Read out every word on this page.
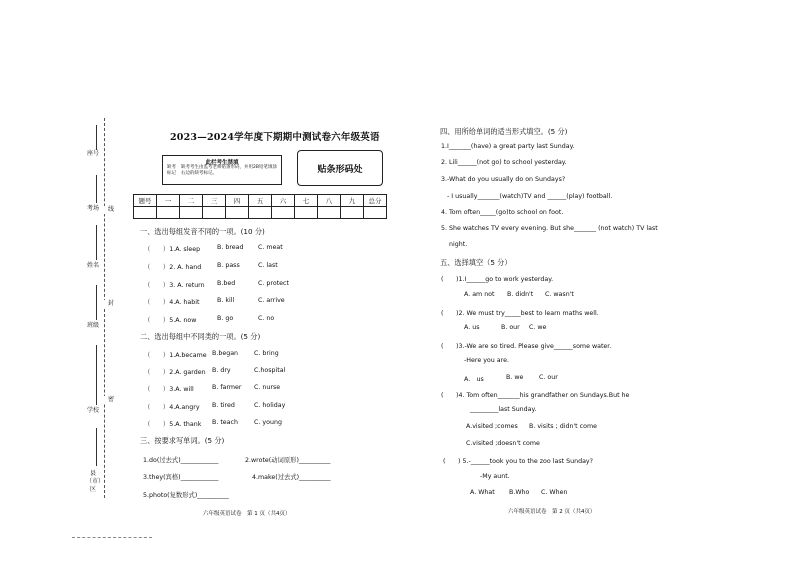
座号
考场
姓名
班级
学校
县（市）区
线
封
密
2023—2024学年度下期期中测试卷六年级英语
此栏考生禁填
缺考标记
缺考考生由监考老师贴条形码，并用2B铅笔填涂右边的缺考标记。	贴条形码处
题号	一	二	三	四	五	六	七	八	九	总分

一、选出每组发音不同的一项。(10 分)
（　　）1.A. sleep	B. bread C. meat
（　　）2. A. hand	B. pass	C. last
（　　）3. A. return B.bed	C. protect
（　　）4.A. habit	B. kill	C. arrive
（　　）5.A. now	B. go	C. no
二、选出每组中不同类的一项。(5 分)
（　　）1.A.became B.began	C. bring
（　　）2.A. garden B. dry	C.hospital
（　　）3.A. will	B. farmer C. nurse
（　　）4.A.angry B. tired	C. holiday
（　　）5.A. thank B. teach	C. young
三、按要求写单词。(5 分)
1.do(过去式)____________	2.wrote(动词原形)__________
3.they(宾格)____________	4.make(过去式)__________
5.photo(复数形式)__________
六年级英语试卷　第 1 页（共4页）
四、用所给单词的适当形式填空。(5 分)
1.I_______(have) a great party last Sunday.
2. Lili______(not go) to school yesterday.
3.-What do you usually do on Sundays?
- I usually_______(watch)TV and ______(play) football.
4. Tom often_____(go)to school on foot.
5. She watches TV every evening. But she_______ (not watch) TV last
night.
五、选择填空（5 分）
(　　)1.I______go to work yesterday.
A. am not B. didn't C. wasn't
(　　)2. We must try_____best to learn maths well.
A. us	B. our C. we
(　　)3.-We are so tired. Please give______some water.
-Here you are.
A.　us	B. we C. our
(　　)4. Tom often_______his grandfather on Sundays.But he
_________last Sunday.
A.visited ;comes B. visits ; didn't come
C.visited ;doesn't come
(　　) 5.-______took you to the zoo last Sunday?
-My aunt.
A. What B.Who C. When
六年级英语试卷　第 2 页（共4页）
